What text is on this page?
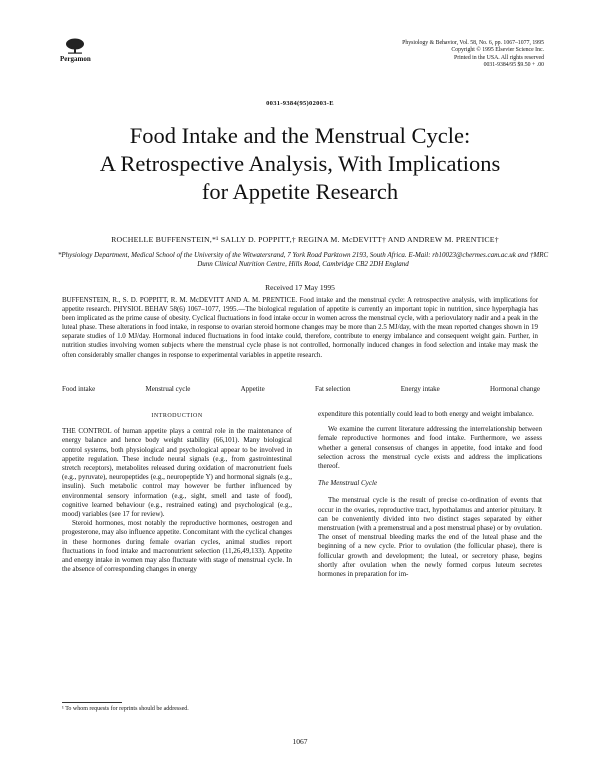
Pergamon
Physiology & Behavior, Vol. 58, No. 6, pp. 1067–1077, 1995
Copyright © 1995 Elsevier Science Inc.
Printed in the USA. All rights reserved
0031-9384/95 $9.50 + .00
0031-9384(95)02003-E
Food Intake and the Menstrual Cycle:
A Retrospective Analysis, With Implications
for Appetite Research
ROCHELLE BUFFENSTEIN,*¹ SALLY D. POPPITT,† REGINA M. McDEVITT† AND ANDREW M. PRENTICE†
*Physiology Department, Medical School of the University of the Witwatersrand, 7 York Road Parktown 2193, South Africa. E-Mail: rb10023@chermes.cam.ac.uk and †MRC Dunn Clinical Nutrition Centre, Hills Road, Cambridge CB2 2DH England
Received 17 May 1995
BUFFENSTEIN, R., S. D. POPPITT, R. M. McDEVITT AND A. M. PRENTICE. Food intake and the menstrual cycle: A retrospective analysis, with implications for appetite research. PHYSIOL BEHAV 58(6) 1067–1077, 1995.—The biological regulation of appetite is currently an important topic in nutrition, since hyperphagia has been implicated as the prime cause of obesity. Cyclical fluctuations in food intake occur in women across the menstrual cycle, with a periovulatory nadir and a peak in the luteal phase. These alterations in food intake, in response to ovarian steroid hormone changes may be more than 2.5 MJ/day, with the mean reported changes shown in 19 separate studies of 1.0 MJ/day. Hormonal induced fluctuations in food intake could, therefore, contribute to energy imbalance and consequent weight gain. Further, in nutrition studies involving women subjects where the menstrual cycle phase is not controlled, hormonally induced changes in food selection and intake may mask the often considerably smaller changes in response to experimental variables in appetite research.
Food intake	Menstrual cycle	Appetite	Fat selection	Energy intake	Hormonal change

INTRODUCTION

THE CONTROL of human appetite plays a central role in the maintenance of energy balance and hence body weight stability (66,101). Many biological control systems, both physiological and psychological appear to be involved in appetite regulation. These include neural signals (e.g., from gastrointestinal stretch receptors), metabolites released during oxidation of macronutrient fuels (e.g., pyruvate), neuropeptides (e.g., neuropeptide Y) and hormonal signals (e.g., insulin). Such metabolic control may however be further influenced by environmental sensory information (e.g., sight, smell and taste of food), cognitive learned behaviour (e.g., restrained eating) and psychological (e.g., mood) variables (see 17 for review).

Steroid hormones, most notably the reproductive hormones, oestrogen and progesterone, may also influence appetite. Concomitant with the cyclical changes in these hormones during female ovarian cycles, animal studies report fluctuations in food intake and macronutrient selection (11,26,49,133). Appetite and energy intake in women may also fluctuate with stage of menstrual cycle. In the absence of corresponding changes in energy

expenditure this potentially could lead to both energy and weight imbalance.

We examine the current literature addressing the interrelationship between female reproductive hormones and food intake. Furthermore, we assess whether a general consensus of changes in appetite, food intake and food selection across the menstrual cycle exists and address the implications thereof.

The Menstrual Cycle

The menstrual cycle is the result of precise co-ordination of events that occur in the ovaries, reproductive tract, hypothalamus and anterior pituitary. It can be conveniently divided into two distinct stages separated by either menstruation (with a premenstrual and a post menstrual phase) or by ovulation. The onset of menstrual bleeding marks the end of the luteal phase and the beginning of a new cycle. Prior to ovulation (the follicular phase), there is follicular growth and development; the luteal, or secretory phase, begins shortly after ovulation when the newly formed corpus luteum secretes hormones in preparation for im-

¹ To whom requests for reprints should be addressed.
1067
